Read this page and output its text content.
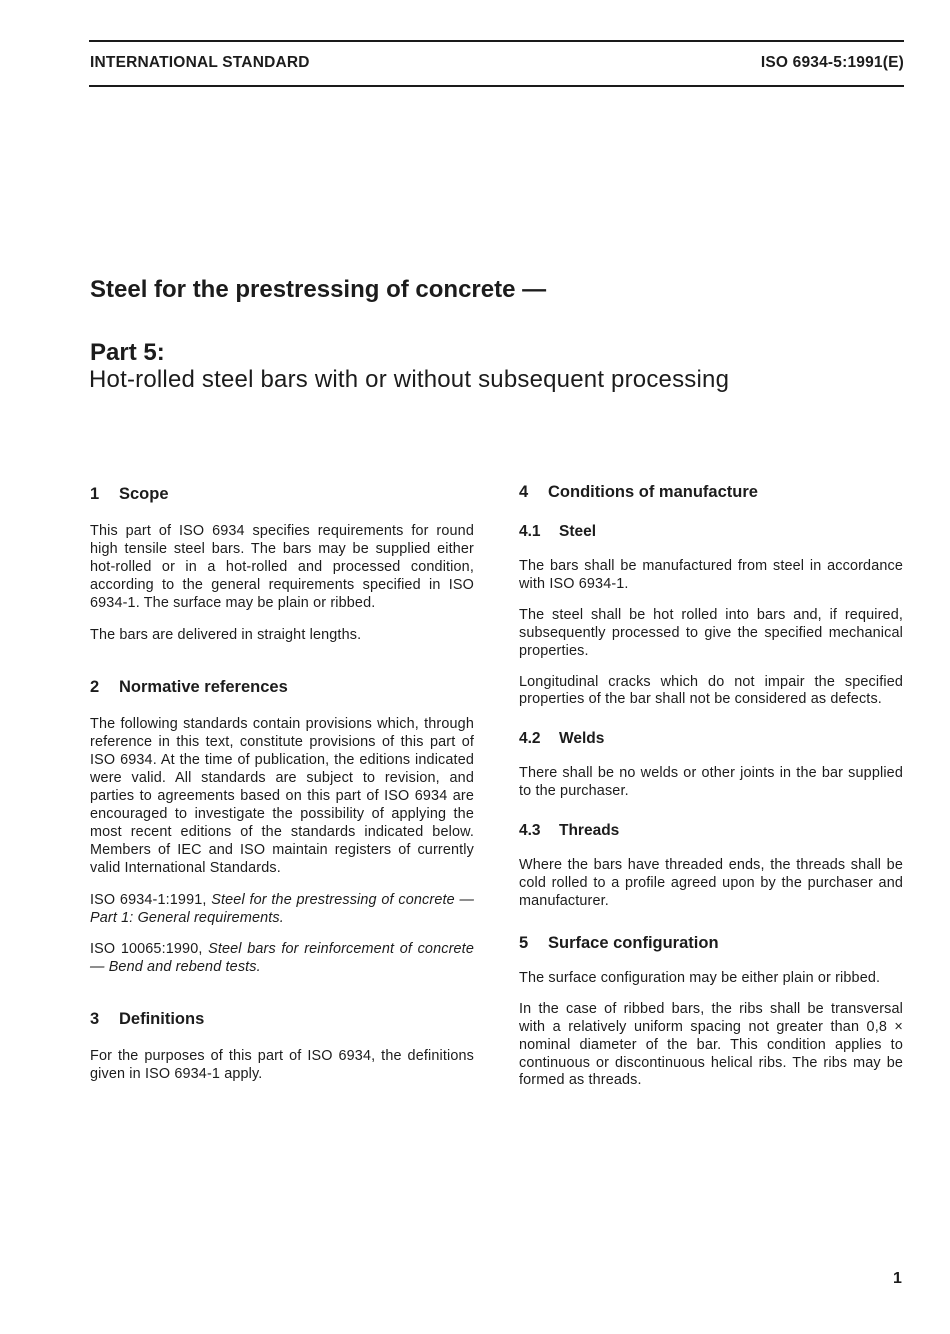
INTERNATIONAL STANDARD	ISO 6934-5:1991(E)
Steel for the prestressing of concrete —
Part 5:
Hot-rolled steel bars with or without subsequent processing
1	Scope

This part of ISO 6934 specifies requirements for round high tensile steel bars. The bars may be supplied either hot-rolled or in a hot-rolled and processed condition, according to the general requirements specified in ISO 6934-1. The surface may be plain or ribbed.

The bars are delivered in straight lengths.

2	Normative references

The following standards contain provisions which, through reference in this text, constitute provisions of this part of ISO 6934. At the time of publication, the editions indicated were valid. All standards are subject to revision, and parties to agreements based on this part of ISO 6934 are encouraged to investigate the possibility of applying the most recent editions of the standards indicated below. Members of IEC and ISO maintain registers of currently valid International Standards.

ISO 6934-1:1991, Steel for the prestressing of concrete — Part 1: General requirements.

ISO 10065:1990, Steel bars for reinforcement of concrete — Bend and rebend tests.

3	Definitions

For the purposes of this part of ISO 6934, the definitions given in ISO 6934-1 apply.

4	Conditions of manufacture
4.1	Steel

The bars shall be manufactured from steel in accordance with ISO 6934-1.

The steel shall be hot rolled into bars and, if required, subsequently processed to give the specified mechanical properties.

Longitudinal cracks which do not impair the specified properties of the bar shall not be considered as defects.

4.2	Welds

There shall be no welds or other joints in the bar supplied to the purchaser.

4.3	Threads

Where the bars have threaded ends, the threads shall be cold rolled to a profile agreed upon by the purchaser and manufacturer.

5	Surface configuration

The surface configuration may be either plain or ribbed.

In the case of ribbed bars, the ribs shall be transversal with a relatively uniform spacing not greater than 0,8 × nominal diameter of the bar. This condition applies to continuous or discontinuous helical ribs. The ribs may be formed as threads.

1
